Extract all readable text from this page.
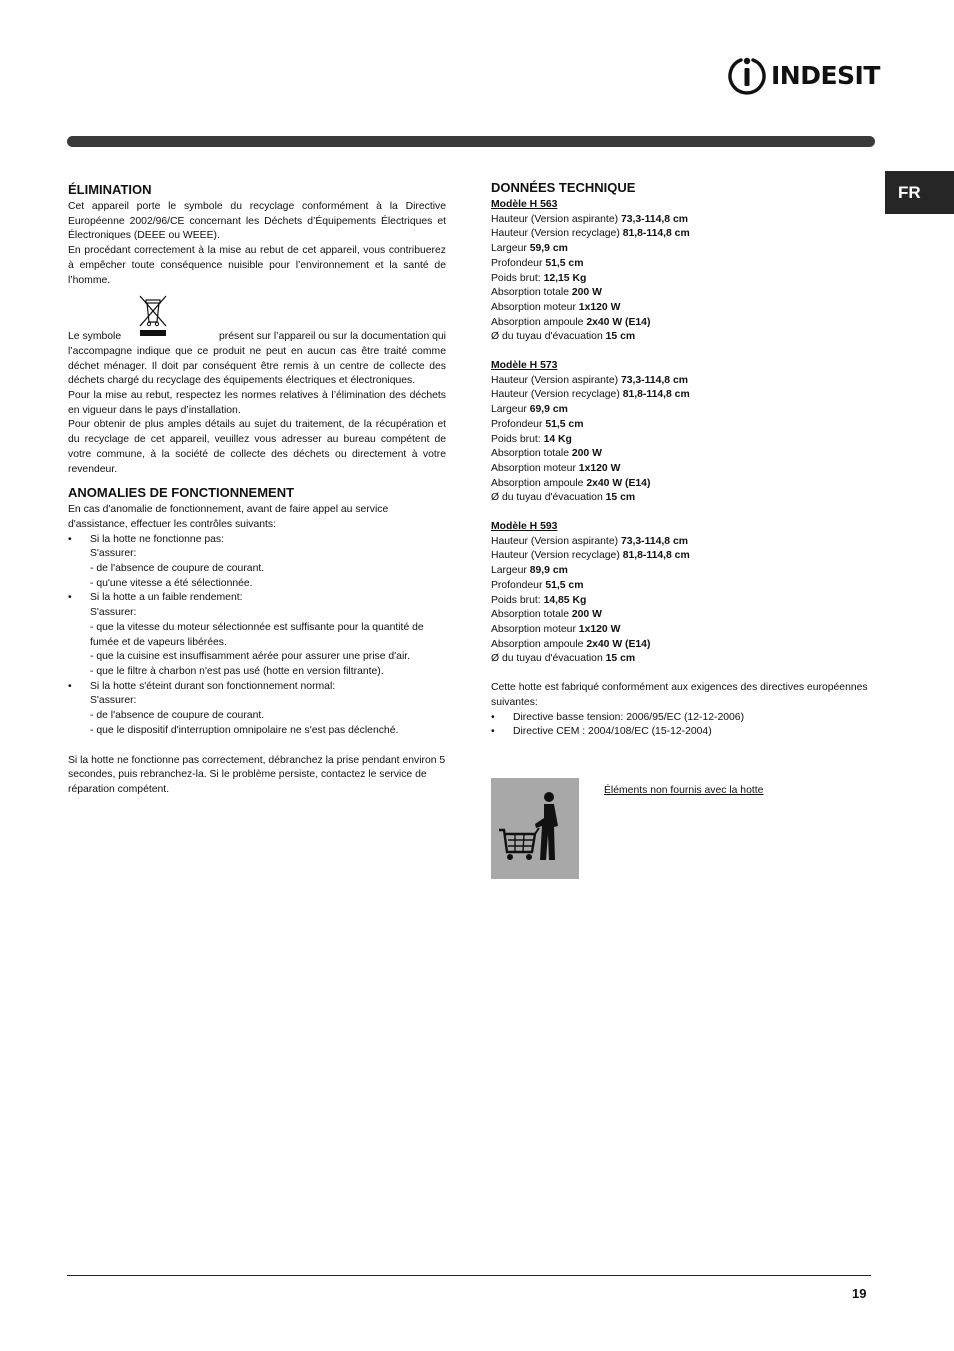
INDESIT
FR
ÉLIMINATION

Cet appareil porte le symbole du recyclage conformément à la Directive Européenne 2002/96/CE concernant les Déchets d’Équipements Électriques et Électroniques (DEEE ou WEEE).

En procédant correctement à la mise au rebut de cet appareil, vous contribuerez à empêcher toute conséquence nuisible pour l’environnement et la santé de l’homme.

Le symbole	présent sur l’appareil ou sur la documentation qui

l’accompagne indique que ce produit ne peut en aucun cas être traité comme déchet ménager. Il doit par conséquent être remis à un centre de collecte des déchets chargé du recyclage des équipements électriques et électroniques.

Pour la mise au rebut, respectez les normes relatives à l’élimination des déchets en vigueur dans le pays d’installation.

Pour obtenir de plus amples détails au sujet du traitement, de la récupération et du recyclage de cet appareil, veuillez vous adresser au bureau compétent de votre commune, à la société de collecte des déchets ou directement à votre revendeur.

ANOMALIES DE FONCTIONNEMENT

En cas d'anomalie de fonctionnement, avant de faire appel au service d'assistance, effectuer les contrôles suivants:

•	Si la hotte ne fonctionne pas:

S'assurer:

- de l'absence de coupure de courant.

- qu'une vitesse a été sélectionnée.

•	Si la hotte a un faible rendement:

S'assurer:

- que la vitesse du moteur sélectionnée est suffisante pour la quantité de fumée et de vapeurs libérées.

- que la cuisine est insuffisamment aérée pour assurer une prise d'air.

- que le filtre à charbon n'est pas usé (hotte en version filtrante).

•	Si la hotte s'éteint durant son fonctionnement normal:

S'assurer:

- de l'absence de coupure de courant.

- que le dispositif d'interruption omnipolaire ne s'est pas déclenché.

Si la hotte ne fonctionne pas correctement, débranchez la prise pendant environ 5 secondes, puis rebranchez-la. Si le problème persiste, contactez le service de réparation compétent.

DONNÉES TECHNIQUE
Modèle H 563
Hauteur (Version aspirante) 73,3-114,8 cm
Hauteur (Version recyclage) 81,8-114,8 cm
Largeur 59,9 cm
Profondeur 51,5 cm
Poids brut: 12,15 Kg
Absorption totale 200 W
Absorption moteur 1x120 W
Absorption ampoule 2x40 W (E14)
Ø du tuyau d'évacuation 15 cm
Modèle H 573
Hauteur (Version aspirante) 73,3-114,8 cm
Hauteur (Version recyclage) 81,8-114,8 cm
Largeur 69,9 cm
Profondeur 51,5 cm
Poids brut: 14 Kg
Absorption totale 200 W
Absorption moteur 1x120 W
Absorption ampoule 2x40 W (E14)
Ø du tuyau d'évacuation 15 cm
Modèle H 593
Hauteur (Version aspirante) 73,3-114,8 cm
Hauteur (Version recyclage) 81,8-114,8 cm
Largeur 89,9 cm
Profondeur 51,5 cm
Poids brut: 14,85 Kg
Absorption totale 200 W
Absorption moteur 1x120 W
Absorption ampoule 2x40 W (E14)
Ø du tuyau d'évacuation 15 cm

Cette hotte est fabriqué conformément aux exigences des directives européennes suivantes:

•	Directive basse tension: 2006/95/EC (12-12-2006)
•	Directive CEM : 2004/108/EC (15-12-2004)
Éléments non fournis avec la hotte
19
